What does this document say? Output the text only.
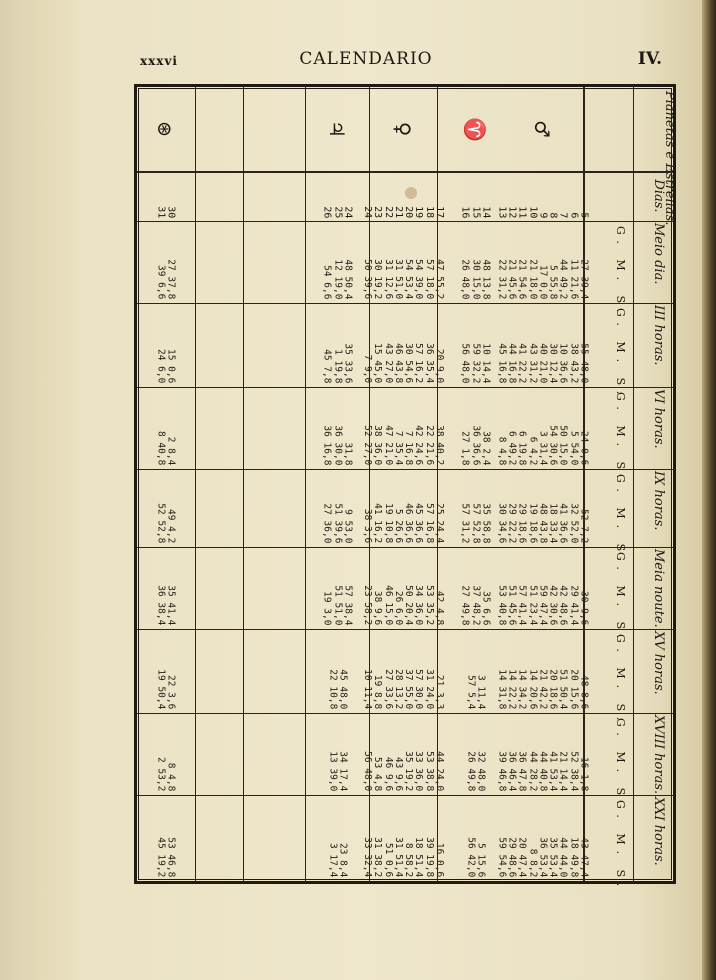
xxxvi	CALENDARIO	IV.
Planetas e Estrellas.
Dias.
Meio dia.
G. M. S.
III horas.
G. M. S.
VI horas.
G. M. S.
IX horas.
G. M. S.
Meia noute.
G. M. S.
XV horas.
G. M. S.
XVIII horas.
G. M. S.
XXI horas.
G. M. S.
♂
♈
♀
♃
⊛
5
6
7
8
9
10
11
12
13
14
15
16
17
18
19
20
21
22
23
24
24
25
26
30
31
27 39,4
11 21,6
44 49,2
5 55,8
17 0,0
21 18,0
21 54,6
21 45,6
22 31,2
48 13,8
30 15,0
26 48,0
47 55,2
57 18,0
54 39,0
54 53,4
31 51,0
31 12,6
30 19,2
50 39,6
48 50,4
12 19,0
54 6,6
27 37,8
39 6,6
55 48,0
38 43,2
10 36,6
30 12,4
40 21,0
43 31,2
41 22,2
44 16,8
45 16,8
10 14,4
59 32,2
56 48,0
20 9,0
36 35,4
57 16,2
30 54,6
46 43,8
43 27,0
15 45,0
7 9,0
35 33,6
1 19,8
45 7,8
15 0,6
24 6,0
24 0,6
5 54,0
50 15,0
54 30,6
3 31,4
6 4,2
6 19,8
6 49,2
8 4,8
38 2,4
36 36,6
27 1,8
38 40,2
22 21,6
42 24,6
7 16,8
7 35,4
47 21,0
38 36,0
52 27,0
31,8
36 30,0
36 16,8
2 8,4
8 40,8
52 7,2
32 52,0
41 36,6
18 33,4
48 43,8
19 18,6
29 18,6
29 22,2
30 34,6
35 58,8
57 52,8
57 31,2
25 24,4
57 16,8
45 36,6
46 36,6
5 26,6
19 10,8
41 16,2
38 3,6
9 53,0
51 39,6
27 36,0
49 4,2
52 52,8
30 9,6
29 41,4
42 48,6
42 30,6
59 47,4
51 23,4
57 41,4
51 45,6
53 40,8
35 6,6
37 48,2
27 49,8
42 4,8
53 35,2
34 36,0
50 20,4
26 6,0
46 15,0
38 9,6
23 58,2
57 38,4
51 51,0
19 3,0
35 41,4
36 38,4
48 8,6
20 15,6
51 50,4
20 18,6
21 42,2
14 20,6
14 34,2
14 22,2
14 31,8
3 11,4
57 5,4
21 3,3
31 24,0
57 30,0
37 55,0
28 13,2
27 33,6
19 8,8
10 11,4
45 48,0
22 10,8
22 3,6
19 50,4
16 1,8
52 38,4
21 14,4
41 53,4
44 40,8
44 28,2
36 47,8
36 46,4
39 46,8
32 48,0
26 49,8
44 24,0
53 38,8
33 36,0
35 19,2
43 9,6
46 9,6
53 4,8
56 48,0
34 17,4
13 39,0
8 4,8
2 53,2
43 47,4
18 49,8
44 44,0
35 53,4
36 53,4
8 8,2
20 47,4
29 48,6
59 54,6
5 15,6
56 42,0
16 0,6
39 19,8
18 51,4
8 58,2
31 51,4
51 0,6
31 38,2
33 32,4
23 8,4
3 17,4
53 46,8
45 19,2
